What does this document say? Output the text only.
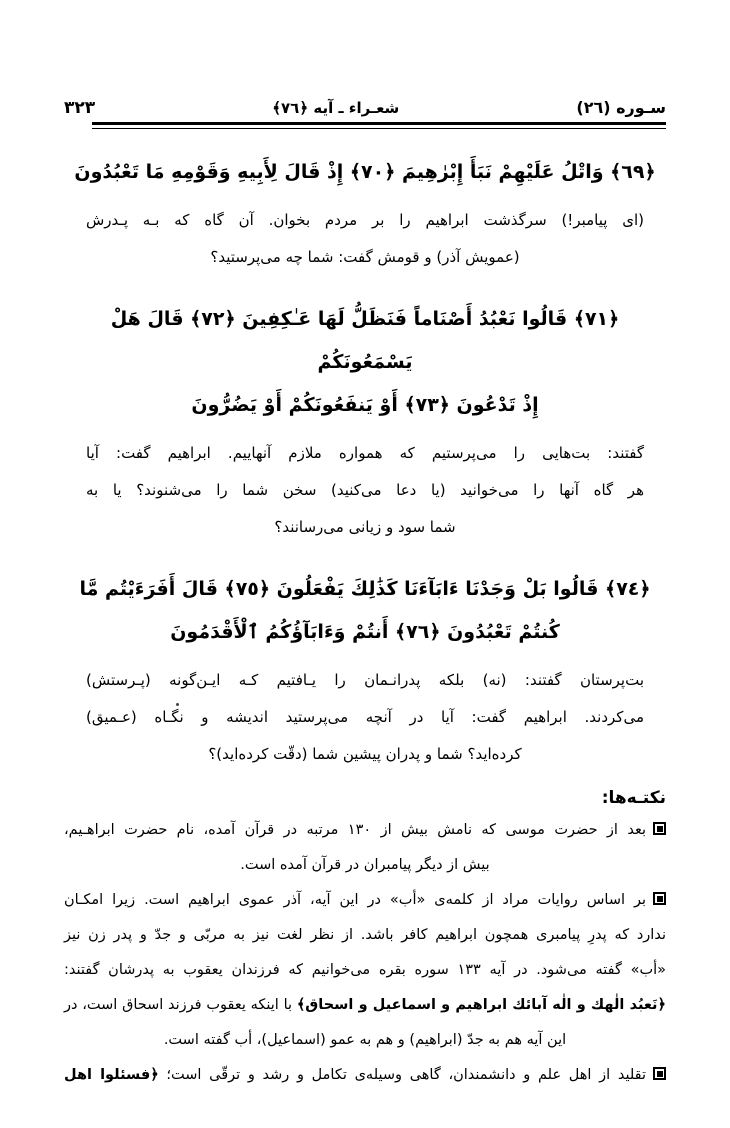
سـوره (٢٦)
شعـراء ـ آیه ﴿٧٦﴾
٣٢٣
﴿٦٩﴾ وَاتْلُ عَلَيْهِمْ نَبَأَ إِبْرٰهِيمَ ﴿٧٠﴾ إِذْ قَالَ لِأَبِيهِ وَقَوْمِهِ مَا تَعْبُدُونَ
(ای پیامبر!) سرگذشت ابراهیم را بر مردم بخوان. آن گاه که بـه پـدرش
(عمویش آذر) و قومش گفت: شما چه می‌پرستید؟
﴿٧١﴾ قَالُوا نَعْبُدُ أَصْنَاماً فَنَظَلُّ لَهَا عَـٰكِفِينَ ﴿٧٢﴾ قَالَ هَلْ يَسْمَعُونَكُمْ
إِذْ تَدْعُونَ ﴿٧٣﴾ أَوْ يَنفَعُونَكُمْ أَوْ يَضُرُّونَ
گفتند: بت‌هایی را می‌پرستیم که همواره ملازم آنهاییم. ابراهیم گفت: آیا
هر گاه آنها را می‌خوانید (یا دعا می‌کنید) سخن شما را می‌شنوند؟ یا به
شما سود و زیانی می‌رسانند؟
﴿٧٤﴾ قَالُوا بَلْ وَجَدْنَا ءَابَآءَنَا كَذَٰلِكَ يَفْعَلُونَ ﴿٧٥﴾ قَالَ أَفَرَءَيْتُم مَّا
كُنتُمْ تَعْبُدُونَ ﴿٧٦﴾ أَنتُمْ وَءَابَآؤُكُمُ ٱلْأَقْدَمُونَ
بت‌پرستان گفتند: (نه) بلکه پدرانـمان را یـافتیم کـه ایـن‌گونه (پـرستش)
می‌کردند. ابراهیم گفت: آیا در آنچه می‌پرستید اندیشه و نگـاه (عـمیق)
کرده‌اید؟ شما و پدران پیشین شما (دقّت کرده‌اید)؟
نكتـه‌ها:
بعد از حضرت موسی که نامش بیش از ١٣٠ مرتبه در قرآن آمده، نام حضرت ابراهـیم،
بیش از دیگر پیامبران در قرآن آمده است.
بر اساس روایات مراد از کلمه‌ی «أب» در این آیه، آذر عموی ابراهیم است. زیرا امکـان
ندارد که پدرِ پیامبری همچون ابراهیم کافر باشد. از نظر لغت نیز به مربّی و جدّ و پدر زن نیز
«أب» گفته می‌شود. در آیه ١٣٣ سوره بقره می‌خوانیم که فرزندان یعقوب به پدرشان گفتند:
﴿نَعبُد الٰهك و الٰه آبائك ابراهیم و اسماعیل و اسحاق﴾ با اینکه یعقوب فرزند اسحاق است، در
این آیه هم به جدّ (ابراهیم) و هم به عمو (اسماعیل)، أب گفته است.
تقلید از اهل علم و دانشمندان، گاهی وسیله‌ی تکامل و رشد و ترقّی است؛ ﴿فسئلوا اهل
